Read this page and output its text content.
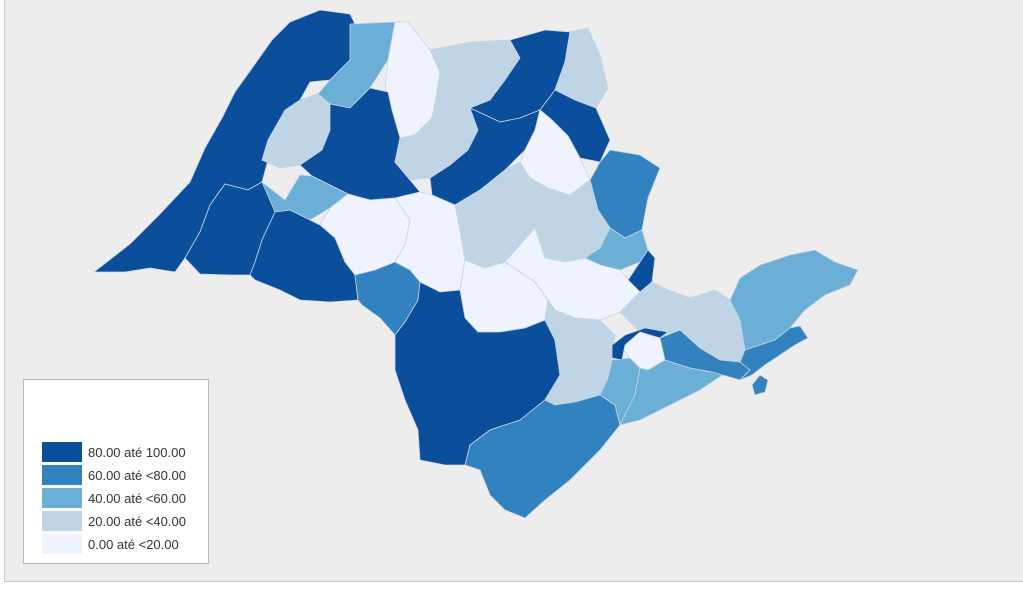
80.00 até 100.00
60.00 até <80.00
40.00 até <60.00
20.00 até <40.00
0.00 até <20.00
